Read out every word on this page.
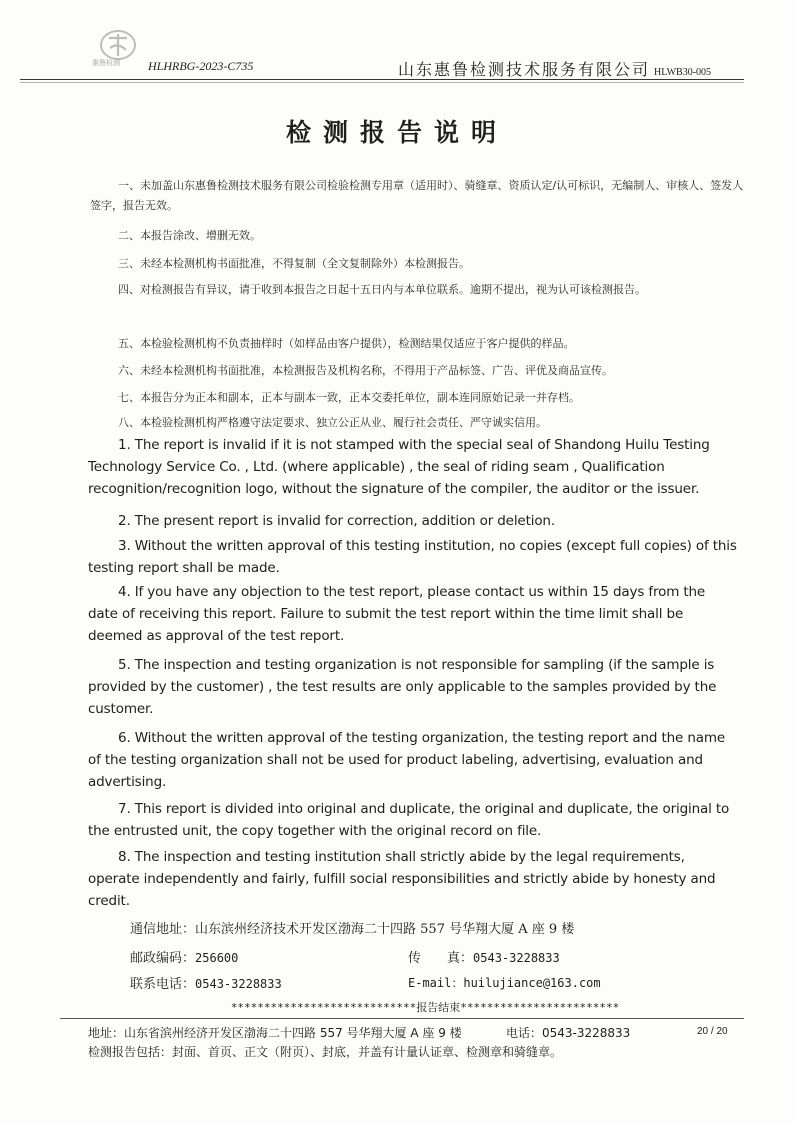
惠鲁检测 HLHRBG-2023-C735	山东惠鲁检测技术服务有限公司 HLWB30-005
检测报告说明
一、未加盖山东惠鲁检测技术服务有限公司检验检测专用章（适用时）、骑缝章、资质认定/认可标识，无编制人、审核人、签发人签字，报告无效。
二、本报告涂改、增删无效。
三、未经本检测机构书面批准，不得复制（全文复制除外）本检测报告。
四、对检测报告有异议，请于收到本报告之日起十五日内与本单位联系。逾期不提出，视为认可该检测报告。
五、本检验检测机构不负责抽样时（如样品由客户提供），检测结果仅适应于客户提供的样品。
六、未经本检测机构书面批准，本检测报告及机构名称，不得用于产品标签、广告、评优及商品宣传。
七、本报告分为正本和副本，正本与副本一致，正本交委托单位，副本连同原始记录一并存档。
八、本检验检测机构严格遵守法定要求、独立公正从业、履行社会责任、严守诚实信用。
1. The report is invalid if it is not stamped with the special seal of Shandong Huilu Testing Technology Service Co. , Ltd. (where applicable) , the seal of riding seam , Qualification recognition/recognition logo, without the signature of the compiler, the auditor or the issuer.
2. The present report is invalid for correction, addition or deletion.
3. Without the written approval of this testing institution, no copies (except full copies) of this testing report shall be made.
4. If you have any objection to the test report, please contact us within 15 days from the date of receiving this report. Failure to submit the test report within the time limit shall be deemed as approval of the test report.
5. The inspection and testing organization is not responsible for sampling (if the sample is provided by the customer) , the test results are only applicable to the samples provided by the customer.
6. Without the written approval of the testing organization, the testing report and the name of the testing organization shall not be used for product labeling, advertising, evaluation and advertising.
7. This report is divided into original and duplicate, the original and duplicate, the original to the entrusted unit, the copy together with the original record on file.
8. The inspection and testing institution shall strictly abide by the legal requirements, operate independently and fairly, fulfill social responsibilities and strictly abide by honesty and credit.
通信地址：山东滨州经济技术开发区渤海二十四路 557 号华翔大厦 A 座 9 楼
邮政编码：256600	传　　真：0543-3228833
联系电话：0543-3228833	E-mail：huilujiance@163.com
****************************报告结束************************
地址：山东省滨州经济开发区渤海二十四路 557 号华翔大厦 A 座 9 楼	电话：0543-3228833	20 / 20
检测报告包括：封面、首页、正文（附页）、封底，并盖有计量认证章、检测章和骑缝章。
